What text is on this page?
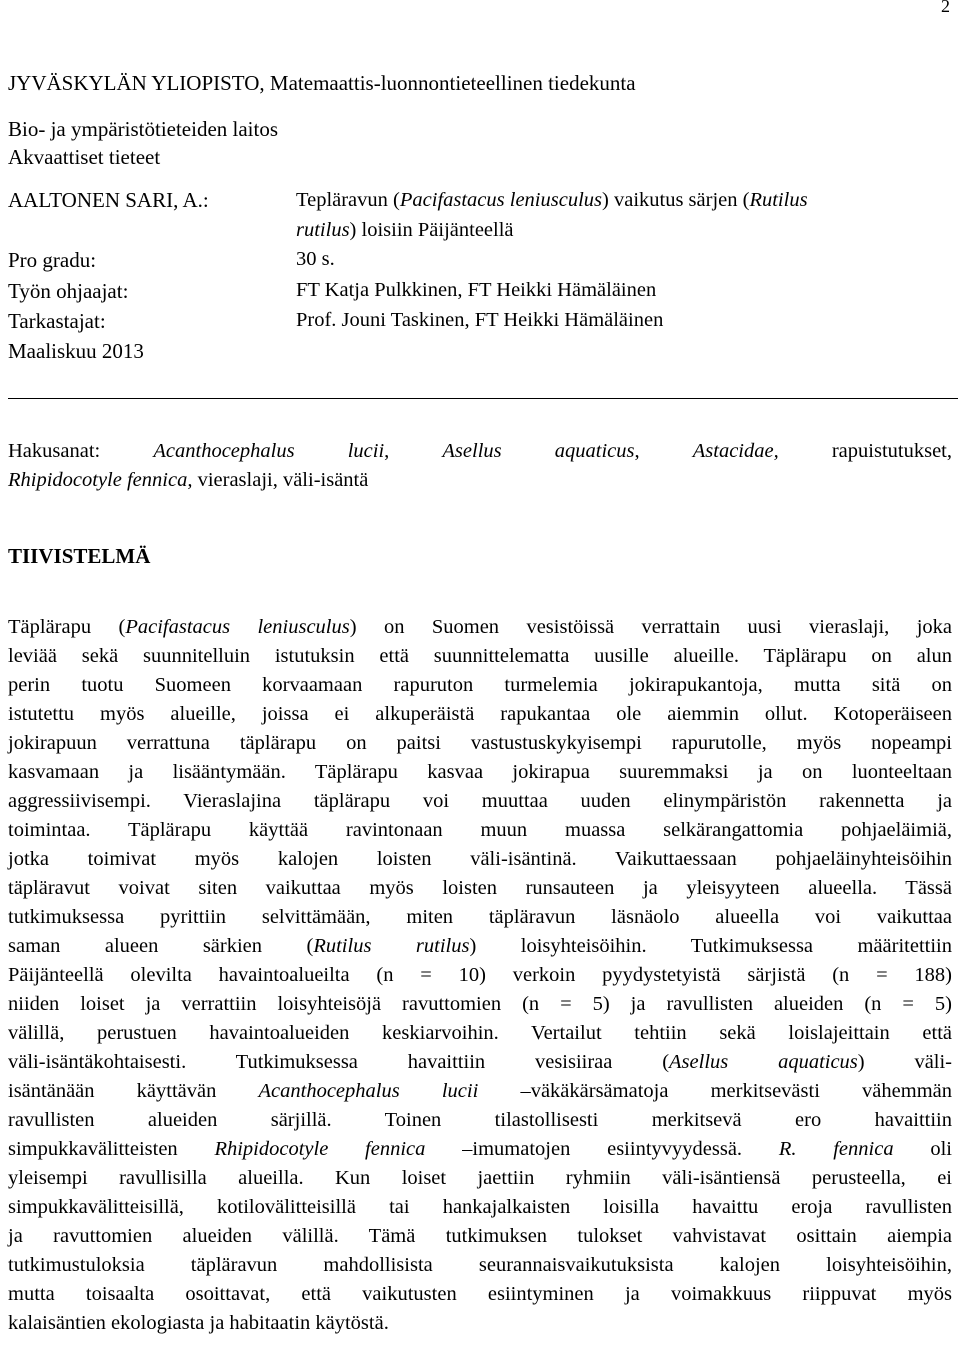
2
JYVÄSKYLÄN YLIOPISTO, Matemaattis-luonnontieteellinen tiedekunta
Bio- ja ympäristötieteiden laitos
Akvaattiset tieteet
AALTONEN SARI, A.:	Tepläravun (Pacifastacus leniusculus) vaikutus särjen (Rutilus
rutilus) loisiin Päijänteellä
Pro gradu:	30 s.
Työn ohjaajat:	FT Katja Pulkkinen, FT Heikki Hämäläinen
Tarkastajat:	Prof. Jouni Taskinen, FT Heikki Hämäläinen
Maaliskuu 2013
Hakusanat:	Acanthocephalus lucii, Asellus aquaticus, Astacidae,	rapuistutukset,
Rhipidocotyle fennica, vieraslaji, väli-isäntä
TIIVISTELMÄ
Täplärapu (Pacifastacus leniusculus) on Suomen vesistöissä verrattain uusi vieraslaji, joka
leviää sekä suunnitelluin istutuksin että suunnittelematta uusille alueille. Täplärapu on alun
perin tuotu Suomeen korvaamaan rapuruton turmelemia jokirapukantoja, mutta sitä on
istutettu myös alueille, joissa ei alkuperäistä rapukantaa ole aiemmin ollut. Kotoperäiseen
jokirapuun verrattuna täplärapu on paitsi vastustuskykyisempi rapurutolle, myös nopeampi
kasvamaan ja lisääntymään. Täplärapu kasvaa jokirapua suuremmaksi ja on luonteeltaan
aggressiivisempi. Vieraslajina täplärapu voi muuttaa uuden elinympäristön rakennetta ja
toimintaa. Täplärapu käyttää ravintonaan muun muassa selkärangattomia pohjaeläimiä,
jotka toimivat myös kalojen loisten väli-isäntinä. Vaikuttaessaan pohjaeläinyhteisöihin
täpläravut voivat siten vaikuttaa myös loisten runsauteen ja yleisyyteen alueella. Tässä
tutkimuksessa pyrittiin selvittämään, miten täpläravun läsnäolo alueella voi vaikuttaa
saman alueen särkien (Rutilus rutilus) loisyhteisöihin. Tutkimuksessa määritettiin
Päijänteellä olevilta havaintoalueilta (n = 10) verkoin pyydystetyistä särjistä (n = 188)
niiden loiset ja verrattiin loisyhteisöjä ravuttomien (n = 5) ja ravullisten alueiden (n = 5)
välillä, perustuen havaintoalueiden keskiarvoihin. Vertailut tehtiin sekä loislajeittain että
väli-isäntäkohtaisesti. Tutkimuksessa havaittiin vesisiiraa (Asellus aquaticus) väli-
isäntänään käyttävän Acanthocephalus lucii –väkäkärsämatoja merkitsevästi vähemmän
ravullisten alueiden särjillä. Toinen tilastollisesti merkitsevä ero havaittiin
simpukkavälitteisten Rhipidocotyle fennica –imumatojen esiintyvyydessä. R. fennica oli
yleisempi ravullisilla alueilla. Kun loiset jaettiin ryhmiin väli-isäntiensä perusteella, ei
simpukkavälitteisillä, kotilovälitteisillä tai hankajalkaisten loisilla havaittu eroja ravullisten
ja ravuttomien alueiden välillä. Tämä tutkimuksen tulokset vahvistavat osittain aiempia
tutkimustuloksia täpläravun mahdollisista seurannaisvaikutuksista kalojen loisyhteisöihin,
mutta toisaalta osoittavat, että vaikutusten esiintyminen ja voimakkuus riippuvat myös
kalaisäntien ekologiasta ja habitaatin käytöstä.
